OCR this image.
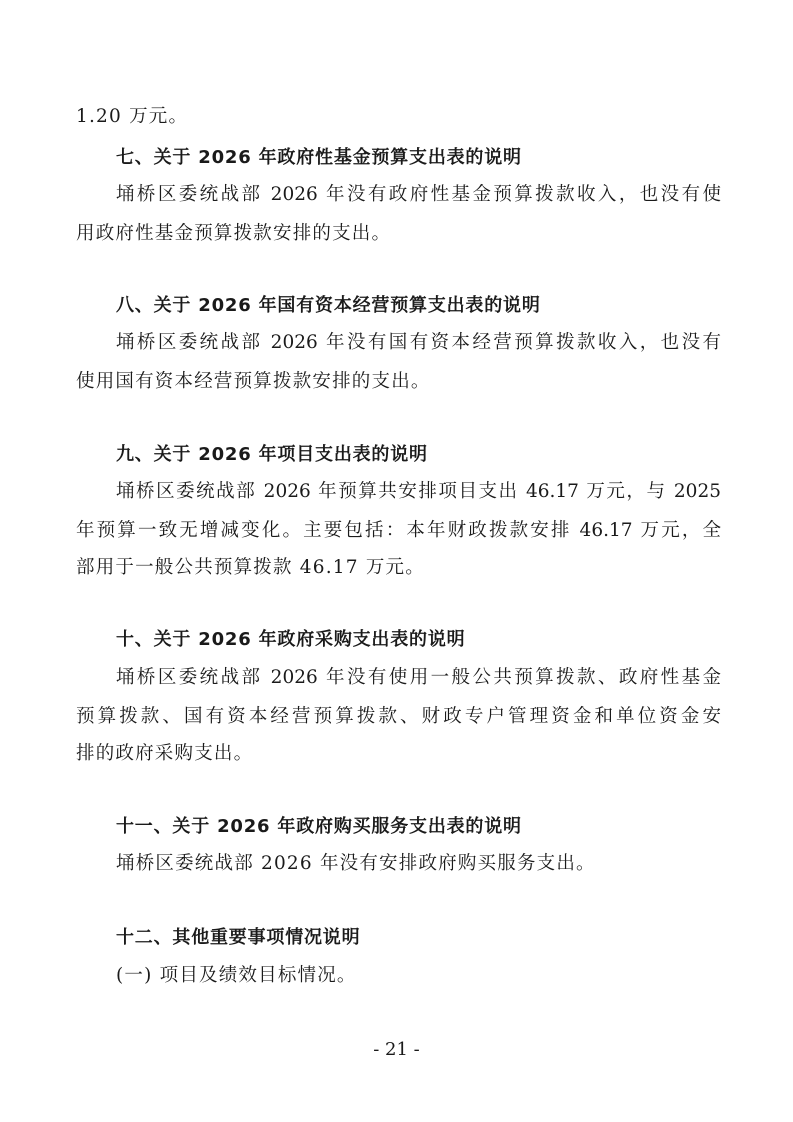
1.20 万元。
七、关于 2026 年政府性基金预算支出表的说明
埇桥区委统战部 2026 年没有政府性基金预算拨款收入，也没有使
用政府性基金预算拨款安排的支出。
八、关于 2026 年国有资本经营预算支出表的说明
埇桥区委统战部 2026 年没有国有资本经营预算拨款收入，也没有
使用国有资本经营预算拨款安排的支出。
九、关于 2026 年项目支出表的说明
埇桥区委统战部 2026 年预算共安排项目支出 46.17 万元，与 2025
年预算一致无增减变化。主要包括：本年财政拨款安排 46.17 万元，全
部用于一般公共预算拨款 46.17 万元。
十、关于 2026 年政府采购支出表的说明
埇桥区委统战部 2026 年没有使用一般公共预算拨款、政府性基金
预算拨款、国有资本经营预算拨款、财政专户管理资金和单位资金安
排的政府采购支出。
十一、关于 2026 年政府购买服务支出表的说明
埇桥区委统战部 2026 年没有安排政府购买服务支出。
十二、其他重要事项情况说明
(一) 项目及绩效目标情况。
- 21 -
